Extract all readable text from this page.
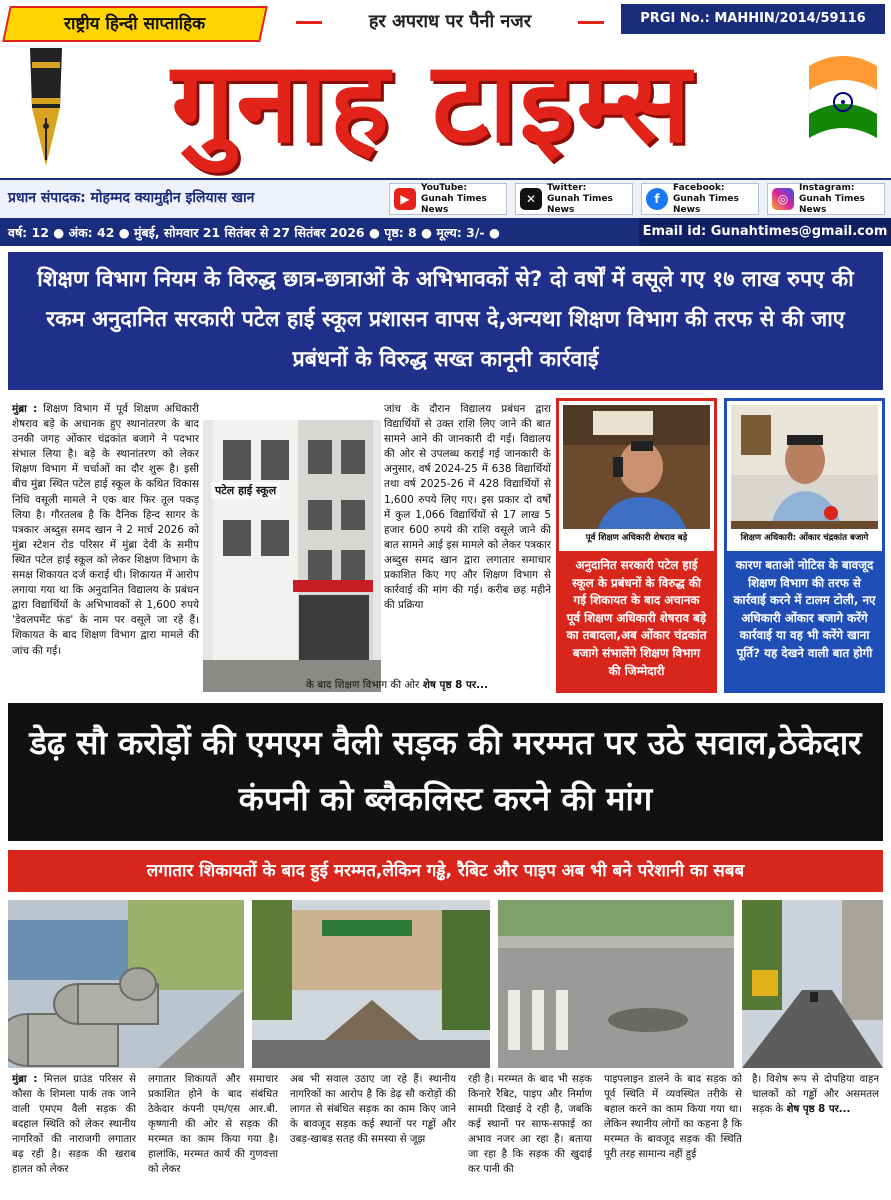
राष्ट्रीय हिन्दी साप्ताहिक	हर अपराध पर पैनी नजर	PRGI No.: MAHHIN/2014/59116
गुनाह टाइम्स
प्रधान संपादक: मोहम्मद क्यामुद्दीन इलियास खान	▶
YouTube:
Gunah Times News
✕
Twitter:
Gunah Times News
f
Facebook:
Gunah Times News
◎
Instagram:
Gunah Times News
वर्ष: 12 ● अंक: 42 ● मुंबई, सोमवार 21 सितंबर से 27 सितंबर 2026 ● पृष्ठ: 8 ● मूल्य: 3/- ●	Email id: Gunahtimes@gmail.com
शिक्षण विभाग नियम के विरुद्ध छात्र-छात्राओं के अभिभावकों से? दो वर्षों में वसूले गए १७ लाख रुपए की रकम अनुदानित सरकारी पटेल हाई स्कूल प्रशासन वापस दे,अन्यथा शिक्षण विभाग की तरफ से की जाए प्रबंधनों के विरुद्ध सख्त कानूनी कार्रवाई
मुंब्रा : शिक्षण विभाग में पूर्व शिक्षण अधिकारी शेषराव बड़े के अचानक हुए स्थानांतरण के बाद उनकी जगह ओंकार चंद्रकांत बजागे ने पदभार संभाल लिया है। बड़े के स्थानांतरण को लेकर शिक्षण विभाग में चर्चाओं का दौर शुरू है। इसी बीच मुंब्रा स्थित पटेल हाई स्कूल के कथित विकास निधि वसूली मामले ने एक बार फिर तूल पकड़ लिया है। गौरतलब है कि दैनिक हिन्द सागर के पत्रकार अब्दुस समद खान ने 2 मार्च 2026 को मुंब्रा स्टेशन रोड परिसर में मुंब्रा देवी के समीप स्थित पटेल हाई स्कूल को लेकर शिक्षण विभाग के समक्ष शिकायत दर्ज कराई थी। शिकायत में आरोप लगाया गया था कि अनुदानित विद्यालय के प्रबंधन द्वारा विद्यार्थियों के अभिभावकों से 1,600 रुपये 'डेवलपमेंट फंड' के नाम पर वसूले जा रहे हैं। शिकायत के बाद शिक्षण विभाग द्वारा मामले की जांच की गई।
पटेल हाई स्कूल
जांच के दौरान विद्यालय प्रबंधन द्वारा विद्यार्थियों से उक्त राशि लिए जाने की बात सामने आने की जानकारी दी गई। विद्यालय की ओर से उपलब्ध कराई गई जानकारी के अनुसार, वर्ष 2024-25 में 638 विद्यार्थियों तथा वर्ष 2025-26 में 428 विद्यार्थियों से 1,600 रुपये लिए गए। इस प्रकार दो वर्षों में कुल 1,066 विद्यार्थियों से 17 लाख 5 हजार 600 रुपये की राशि वसूले जाने की बात सामने आई इस मामले को लेकर पत्रकार अब्दुस समद खान द्वारा लगातार समाचार प्रकाशित किए गए और शिक्षण विभाग से कार्रवाई की मांग की गई। करीब छह महीने की प्रक्रिया
के बाद शिक्षण विभाग की ओर शेष पृष्ठ 8 पर...
पूर्व शिक्षण अधिकारी शेषराव बड़े
अनुदानित सरकारी पटेल हाई स्कूल के प्रबंधनों के विरुद्ध की गई शिकायत के बाद अचानक पूर्व शिक्षण अधिकारी शेषराव बड़े का तबादला,अब ओंकार चंद्रकांत बजागे संभालेंगे शिक्षण विभाग की जिम्मेदारी
शिक्षण अधिकारी: ओंकार चंद्रकांत बजागे
कारण बताओ नोटिस के बावजूद शिक्षण विभाग की तरफ से कार्रवाई करने में टालम टोली, नए अधिकारी ओंकार बजागे करेंगे कार्रवाई या वह भी करेंगे खाना पूर्ति? यह देखने वाली बात होगी
डेढ़ सौ करोड़ों की एमएम वैली सड़क की मरम्मत पर उठे सवाल,ठेकेदार कंपनी को ब्लैकलिस्ट करने की मांग
लगातार शिकायतों के बाद हुई मरम्मत,लेकिन गड्ढे, रैबिट और पाइप अब भी बने परेशानी का सबब
मुंब्रा : मित्तल ग्राउंड परिसर से कौसा के शिमला पार्क तक जाने वाली एमएम वैली सड़क की बदहाल स्थिति को लेकर स्थानीय नागरिकों की नाराजगी लगातार बढ़ रही है। सड़क की खराब हालत को लेकर
लगातार शिकायतें और समाचार प्रकाशित होने के बाद संबंधित ठेकेदार कंपनी एम/एस आर.बी. कृष्णानी की ओर से सड़क की मरम्मत का काम किया गया है। हालांकि, मरम्मत कार्य की गुणवत्ता को लेकर
अब भी सवाल उठाए जा रहे हैं। स्थानीय नागरिकों का आरोप है कि डेढ़ सौ करोड़ों की लागत से संबंधित सड़क का काम किए जाने के बावजूद सड़क कई स्थानों पर गड्ढों और उबड़-खाबड़ सतह की समस्या से जूझ
रही है। मरम्मत के बाद भी सड़क किनारे रैबिट, पाइप और निर्माण सामग्री दिखाई दे रही है, जबकि कई स्थानों पर साफ-सफाई का अभाव नजर आ रहा है। बताया जा रहा है कि सड़क की खुदाई कर पानी की
पाइपलाइन डालने के बाद सड़क को पूर्व स्थिति में व्यवस्थित तरीके से बहाल करने का काम किया गया था। लेकिन स्थानीय लोगों का कहना है कि मरम्मत के बावजूद सड़क की स्थिति पूरी तरह सामान्य नहीं हुई
है। विशेष रूप से दोपहिया वाहन चालकों को गड्ढों और असमतल सड़क के शेष पृष्ठ 8 पर...
